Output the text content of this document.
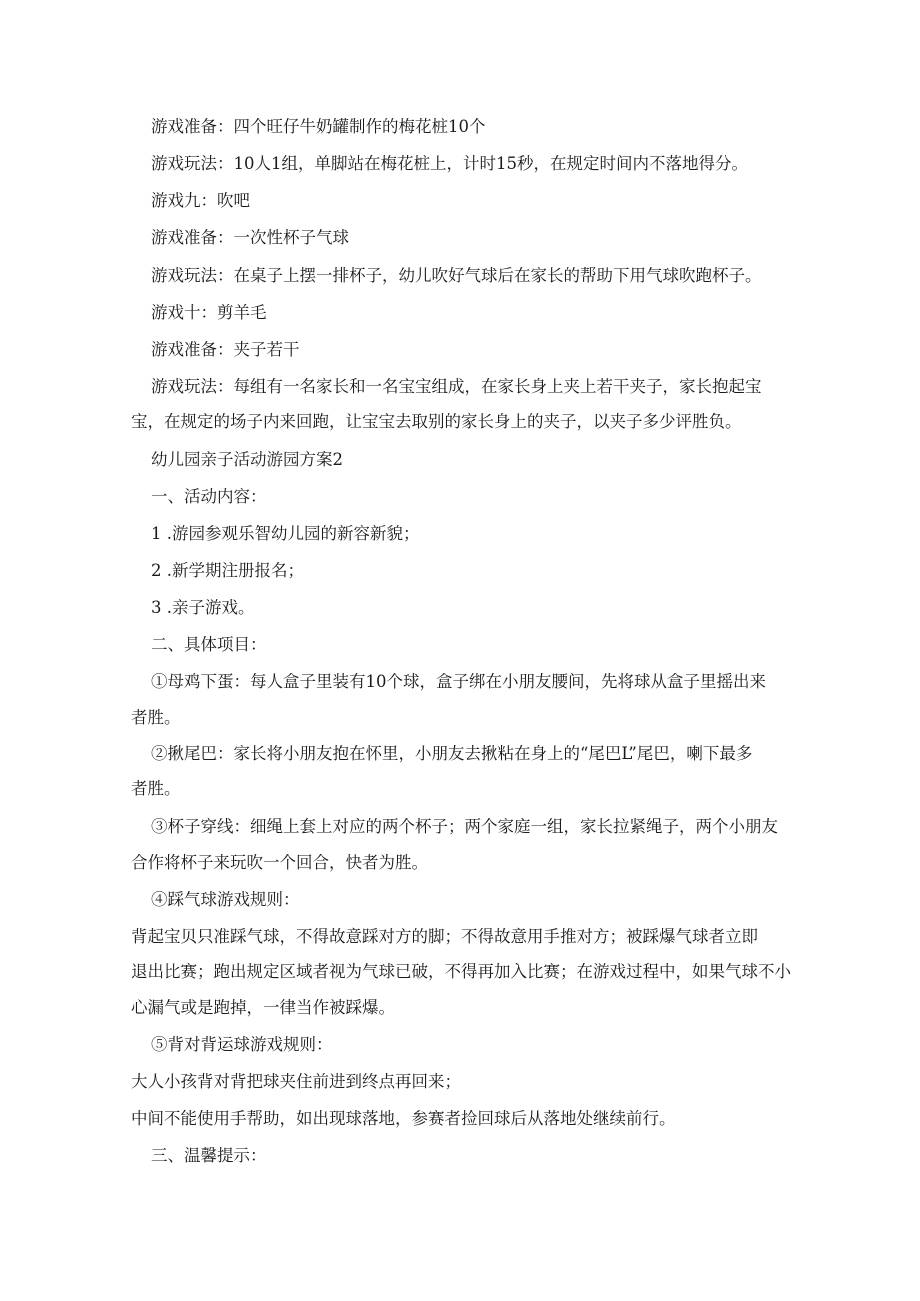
游戏准备：四个旺仔牛奶罐制作的梅花桩10个
游戏玩法：10人1组，单脚站在梅花桩上，计时15秒，在规定时间内不落地得分。
游戏九：吹吧
游戏准备：一次性杯子气球
游戏玩法：在桌子上摆一排杯子，幼儿吹好气球后在家长的帮助下用气球吹跑杯子。
游戏十：剪羊毛
游戏准备：夹子若干
游戏玩法：每组有一名家长和一名宝宝组成，在家长身上夹上若干夹子，家长抱起宝
宝，在规定的场子内来回跑，让宝宝去取别的家长身上的夹子，以夹子多少评胜负。
幼儿园亲子活动游园方案2
一、活动内容：
1 .游园参观乐智幼儿园的新容新貌；
2 .新学期注册报名；
3 .亲子游戏。
二、具体项目：
①母鸡下蛋：每人盒子里装有10个球，盒子绑在小朋友腰间，先将球从盒子里摇出来
者胜。
②揪尾巴：家长将小朋友抱在怀里，小朋友去揪粘在身上的“尾巴L”尾巴，喇下最多
者胜。
③杯子穿线：细绳上套上对应的两个杯子；两个家庭一组，家长拉紧绳子，两个小朋友
合作将杯子来玩吹一个回合，快者为胜。
④踩气球游戏规则：
背起宝贝只准踩气球，不得故意踩对方的脚；不得故意用手推对方；被踩爆气球者立即
退出比赛；跑出规定区域者视为气球已破，不得再加入比赛；在游戏过程中，如果气球不小
心漏气或是跑掉，一律当作被踩爆。
⑤背对背运球游戏规则：
大人小孩背对背把球夹住前进到终点再回来；
中间不能使用手帮助，如出现球落地，参赛者捡回球后从落地处继续前行。
三、温馨提示：
